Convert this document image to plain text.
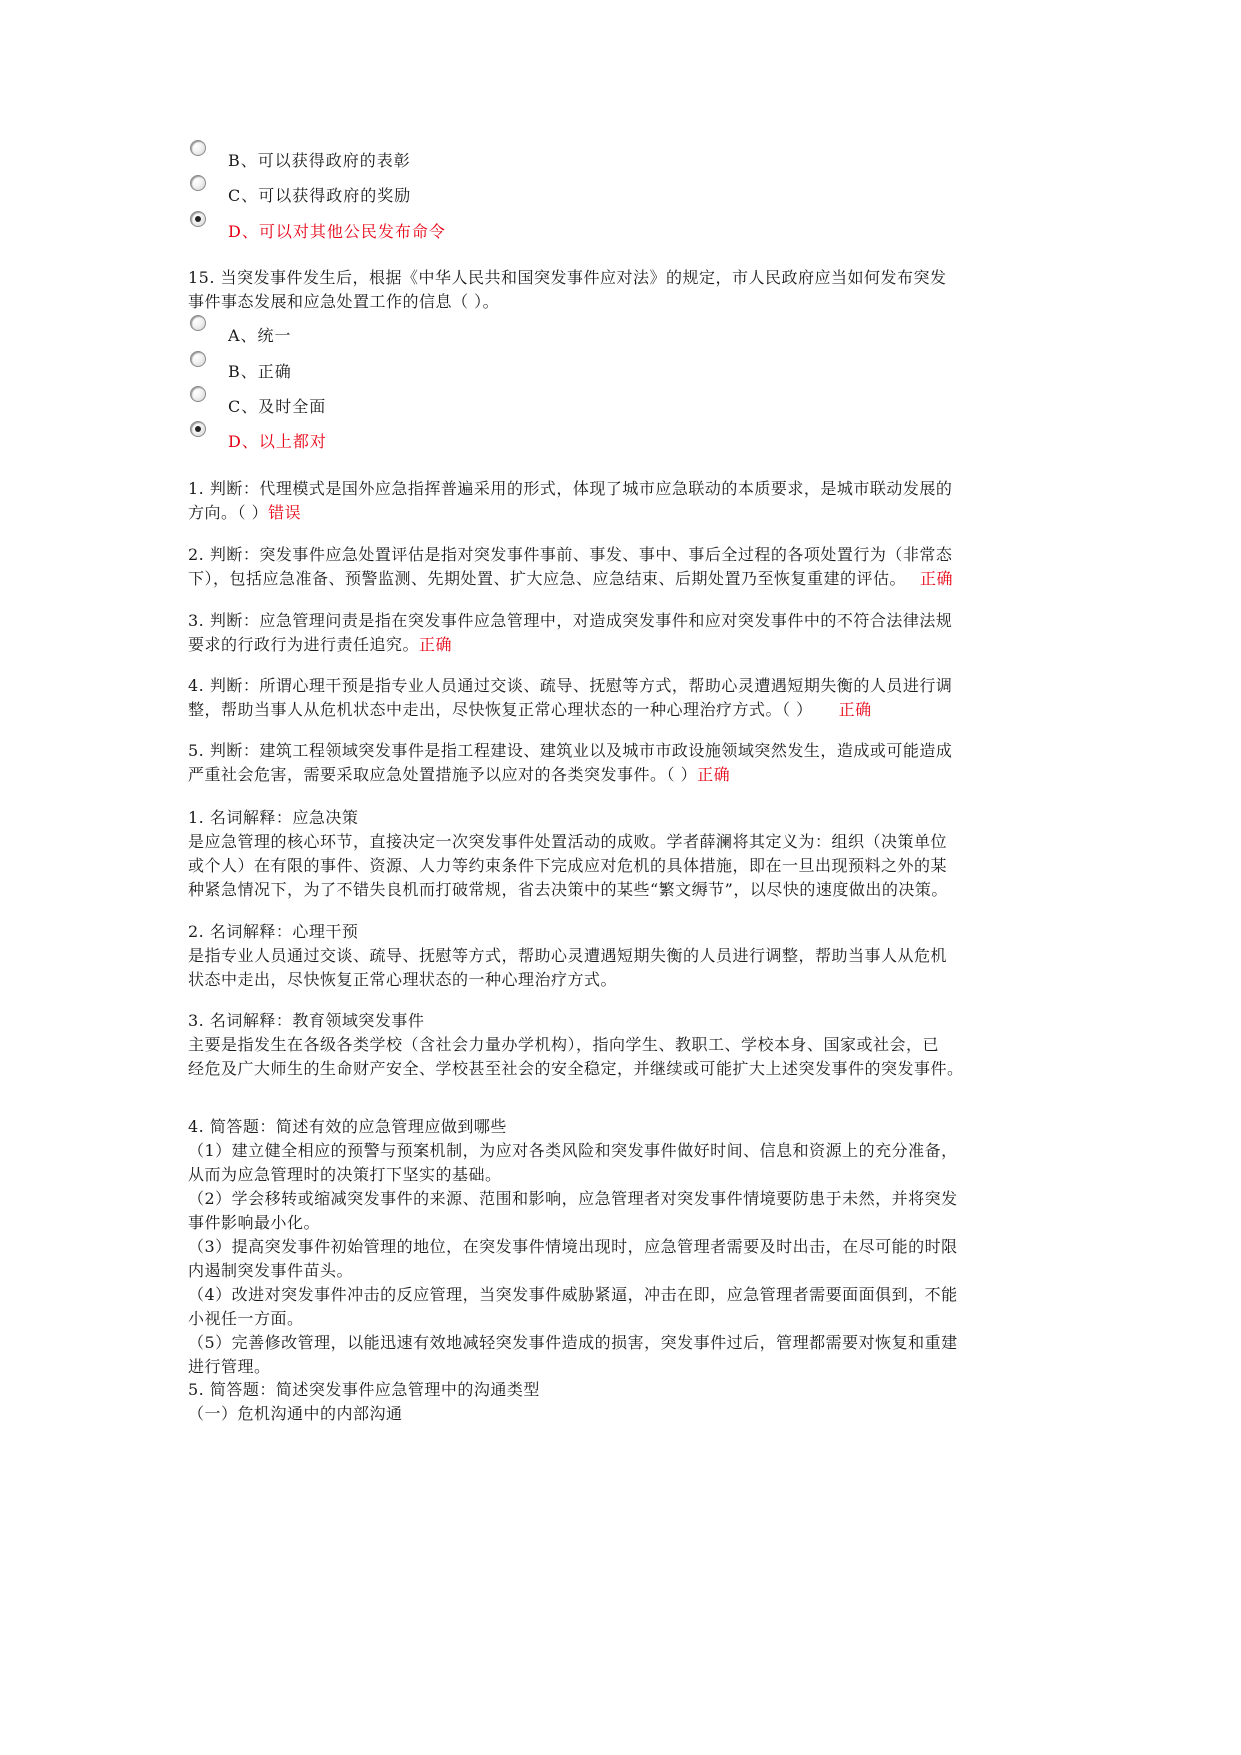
B、可以获得政府的表彰
C、可以获得政府的奖励
D、可以对其他公民发布命令
15. 当突发事件发生后，根据《中华人民共和国突发事件应对法》的规定，市人民政府应当如何发布突发
事件事态发展和应急处置工作的信息（ ）。
A、统一
B、正确
C、及时全面
D、以上都对
1. 判断：代理模式是国外应急指挥普遍采用的形式，体现了城市应急联动的本质要求，是城市联动发展的
方向。（ ）错误
2. 判断：突发事件应急处置评估是指对突发事件事前、事发、事中、事后全过程的各项处置行为（非常态
下），包括应急准备、预警监测、先期处置、扩大应急、应急结束、后期处置乃至恢复重建的评估。 正确
3. 判断：应急管理问责是指在突发事件应急管理中，对造成突发事件和应对突发事件中的不符合法律法规
要求的行政行为进行责任追究。正确
4. 判断：所谓心理干预是指专业人员通过交谈、疏导、抚慰等方式，帮助心灵遭遇短期失衡的人员进行调
整，帮助当事人从危机状态中走出，尽快恢复正常心理状态的一种心理治疗方式。（ ） 正确
5. 判断：建筑工程领域突发事件是指工程建设、建筑业以及城市市政设施领域突然发生，造成或可能造成
严重社会危害，需要采取应急处置措施予以应对的各类突发事件。（ ）正确
1. 名词解释：应急决策
是应急管理的核心环节，直接决定一次突发事件处置活动的成败。学者薛澜将其定义为：组织（决策单位
或个人）在有限的事件、资源、人力等约束条件下完成应对危机的具体措施，即在一旦出现预料之外的某
种紧急情况下，为了不错失良机而打破常规，省去决策中的某些“繁文缛节”，以尽快的速度做出的决策。
2. 名词解释：心理干预
是指专业人员通过交谈、疏导、抚慰等方式，帮助心灵遭遇短期失衡的人员进行调整，帮助当事人从危机
状态中走出，尽快恢复正常心理状态的一种心理治疗方式。
3. 名词解释：教育领域突发事件
主要是指发生在各级各类学校（含社会力量办学机构），指向学生、教职工、学校本身、国家或社会，已
经危及广大师生的生命财产安全、学校甚至社会的安全稳定，并继续或可能扩大上述突发事件的突发事件。
4. 简答题：简述有效的应急管理应做到哪些
（1）建立健全相应的预警与预案机制，为应对各类风险和突发事件做好时间、信息和资源上的充分准备，
从而为应急管理时的决策打下坚实的基础。
（2）学会移转或缩减突发事件的来源、范围和影响，应急管理者对突发事件情境要防患于未然，并将突发
事件影响最小化。
（3）提高突发事件初始管理的地位，在突发事件情境出现时，应急管理者需要及时出击，在尽可能的时限
内遏制突发事件苗头。
（4）改进对突发事件冲击的反应管理，当突发事件威胁紧逼，冲击在即，应急管理者需要面面俱到，不能
小视任一方面。
（5）完善修改管理，以能迅速有效地减轻突发事件造成的损害，突发事件过后，管理都需要对恢复和重建
进行管理。
5. 简答题：简述突发事件应急管理中的沟通类型
（一）危机沟通中的内部沟通
